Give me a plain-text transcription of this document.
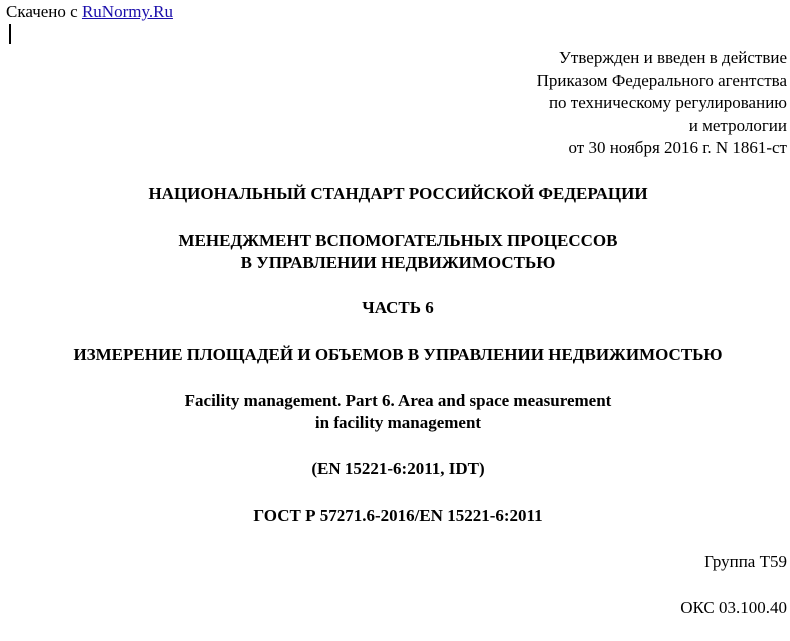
Скачено с RuNormy.Ru
Утвержден и введен в действие
Приказом Федерального агентства
по техническому регулированию
и метрологии
от 30 ноября 2016 г. N 1861-ст
НАЦИОНАЛЬНЫЙ СТАНДАРТ РОССИЙСКОЙ ФЕДЕРАЦИИ
МЕНЕДЖМЕНТ ВСПОМОГАТЕЛЬНЫХ ПРОЦЕССОВ
В УПРАВЛЕНИИ НЕДВИЖИМОСТЬЮ
ЧАСТЬ 6
ИЗМЕРЕНИЕ ПЛОЩАДЕЙ И ОБЪЕМОВ В УПРАВЛЕНИИ НЕДВИЖИМОСТЬЮ
Facility management. Part 6. Area and space measurement
in facility management
(EN 15221-6:2011, IDT)
ГОСТ Р 57271.6-2016/EN 15221-6:2011
Группа Т59
ОКС 03.100.40
